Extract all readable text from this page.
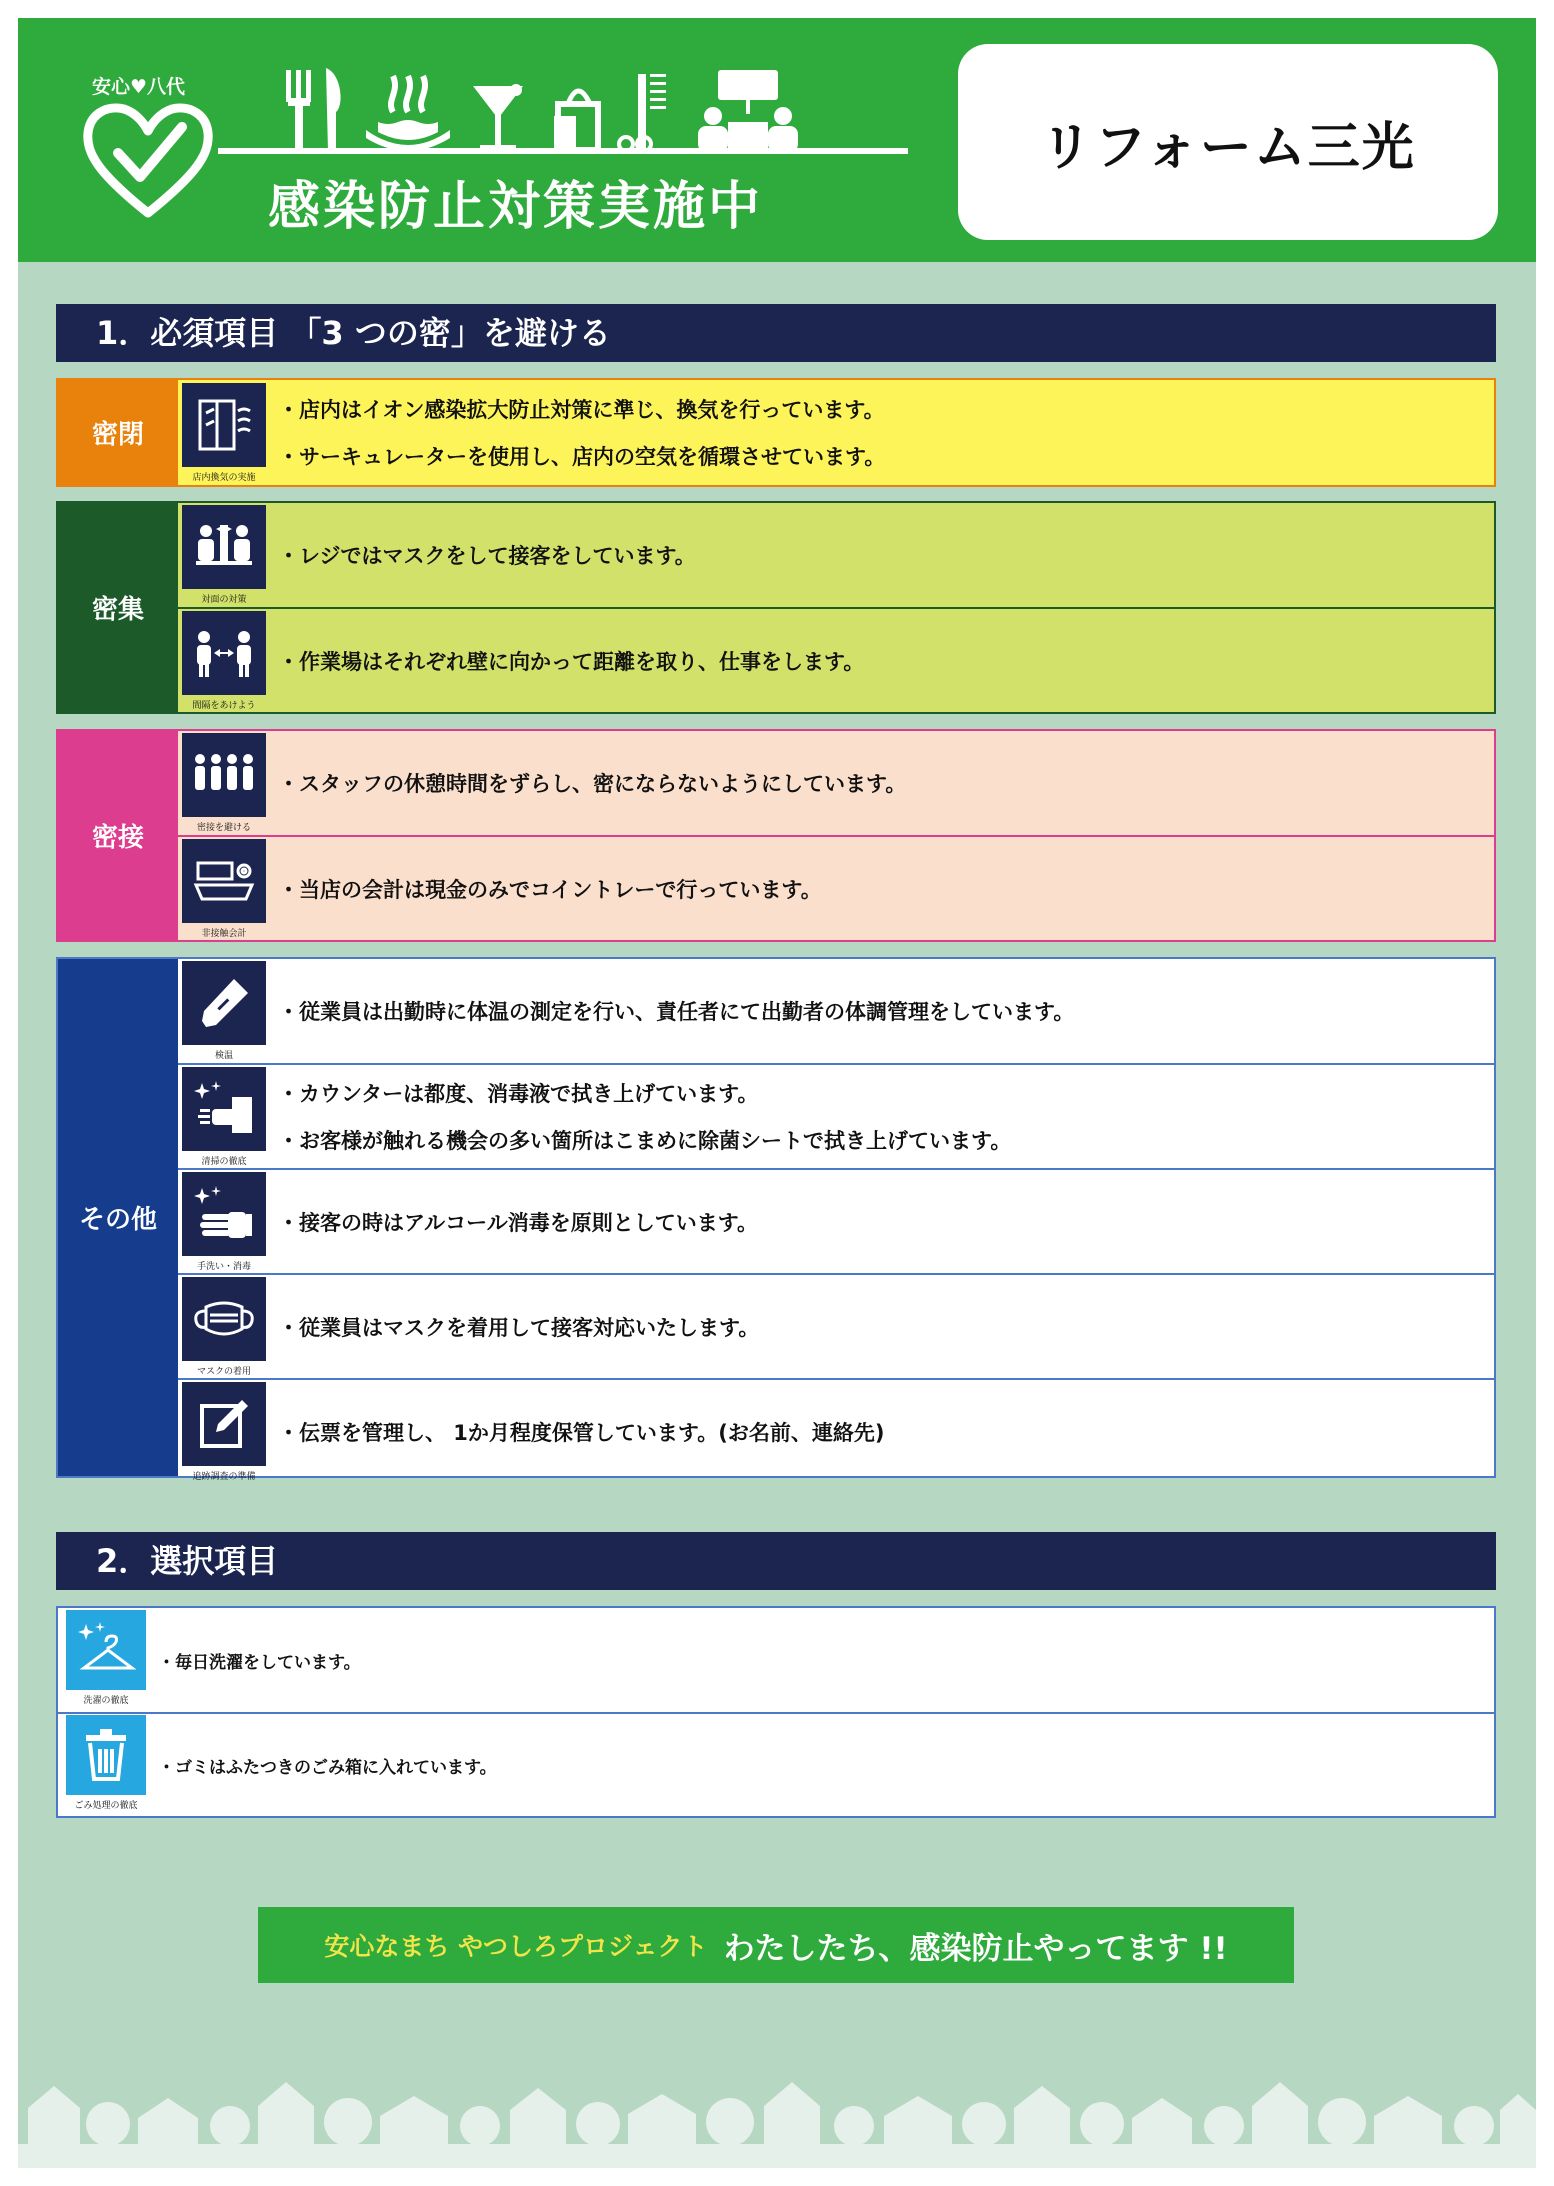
安心♥八代
感染防止対策実施中
リフォーム三光
1．必須項目 「3 つの密」を避ける
密閉
店内換気の実施
・店内はイオン感染拡大防止対策に準じ、換気を行っています。
・サーキュレーターを使用し、店内の空気を循環させています。
密集	対面の対策
・レジではマスクをして接客をしています。
間隔をあけよう
・作業場はそれぞれ壁に向かって距離を取り、仕事をします。
密接	密接を避ける
・スタッフの休憩時間をずらし、密にならないようにしています。
非接触会計
・当店の会計は現金のみでコイントレーで行っています。
その他
検温
・従業員は出勤時に体温の測定を行い、責任者にて出勤者の体調管理をしています。
清掃の徹底
・カウンターは都度、消毒液で拭き上げています。
・お客様が触れる機会の多い箇所はこまめに除菌シートで拭き上げています。
手洗い・消毒
・接客の時はアルコール消毒を原則としています。
マスクの着用
・従業員はマスクを着用して接客対応いたします。
追跡調査の準備
・伝票を管理し、 1か月程度保管しています。(お名前、連絡先)
2．選択項目
洗濯の徹底
・毎日洗濯をしています。
ごみ処理の徹底
・ゴミはふたつきのごみ箱に入れています。
安心なまち やつしろプロジェクト わたしたち、感染防止やってます !!
